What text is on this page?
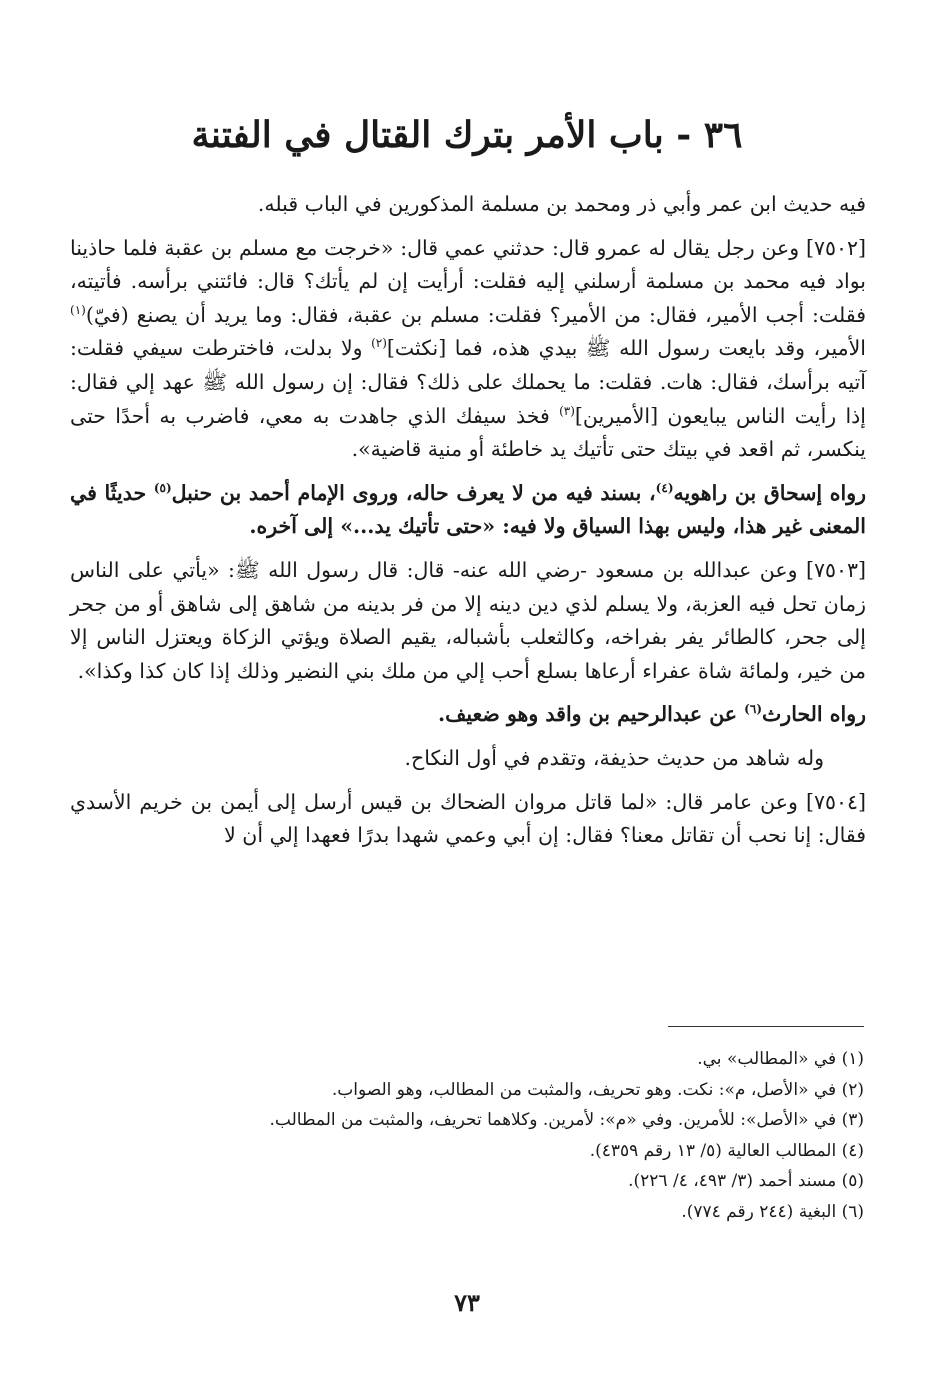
٣٦ - باب الأمر بترك القتال في الفتنة

فيه حديث ابن عمر وأبي ذر ومحمد بن مسلمة المذكورين في الباب قبله.

[٧٥٠٢] وعن رجل يقال له عمرو قال: حدثني عمي قال: «خرجت مع مسلم بن عقبة فلما حاذينا بواد فيه محمد بن مسلمة أرسلني إليه فقلت: أرأيت إن لم يأتك؟ قال: فائتني برأسه. فأتيته، فقلت: أجب الأمير، فقال: من الأمير؟ فقلت: مسلم بن عقبة، فقال: وما يريد أن يصنع (فيّ)$^{(١)}$ الأمير، وقد بايعت رسول الله ﷺ بيدي هذه، فما [نكثت]$^{(٢)}$ ولا بدلت، فاخترطت سيفي فقلت: آتيه برأسك، فقال: هات. فقلت: ما يحملك على ذلك؟ فقال: إن رسول الله ﷺ عهد إلي فقال: إذا رأيت الناس يبايعون [الأميرين]$^{(٣)}$ فخذ سيفك الذي جاهدت به معي، فاضرب به أحدًا حتى ينكسر، ثم اقعد في بيتك حتى تأتيك يد خاطئة أو منية قاضية».

رواه إسحاق بن راهويه$^{(٤)}$، بسند فيه من لا يعرف حاله، وروى الإمام أحمد بن حنبل$^{(٥)}$ حديثًا في المعنى غير هذا، وليس بهذا السياق ولا فيه: «حتى تأتيك يد...» إلى آخره.

[٧٥٠٣] وعن عبدالله بن مسعود -رضي الله عنه- قال: قال رسول الله ﷺ: «يأتي على الناس زمان تحل فيه العزبة، ولا يسلم لذي دين دينه إلا من فر بدينه من شاهق إلى شاهق أو من جحر إلى جحر، كالطائر يفر بفراخه، وكالثعلب بأشباله، يقيم الصلاة ويؤتي الزكاة ويعتزل الناس إلا من خير، ولمائة شاة عفراء أرعاها بسلع أحب إلي من ملك بني النضير وذلك إذا كان كذا وكذا».

رواه الحارث$^{(٦)}$ عن عبدالرحيم بن واقد وهو ضعيف.

وله شاهد من حديث حذيفة، وتقدم في أول النكاح.

[٧٥٠٤] وعن عامر قال: «لما قاتل مروان الضحاك بن قيس أرسل إلى أيمن بن خريم الأسدي فقال: إنا نحب أن تقاتل معنا؟ فقال: إن أبي وعمي شهدا بدرًا فعهدا إلي أن لا

(١) في «المطالب» بي.
(٢) في «الأصل، م»: نكت. وهو تحريف، والمثبت من المطالب، وهو الصواب.
(٣) في «الأصل»: للأمرين. وفي «م»: لأمرين. وكلاهما تحريف، والمثبت من المطالب.
(٤) المطالب العالية (٥/ ١٣ رقم ٤٣٥٩).
(٥) مسند أحمد (٣/ ٤٩٣، ٤/ ٢٢٦).
(٦) البغية (٢٤٤ رقم ٧٧٤).
٧٣
